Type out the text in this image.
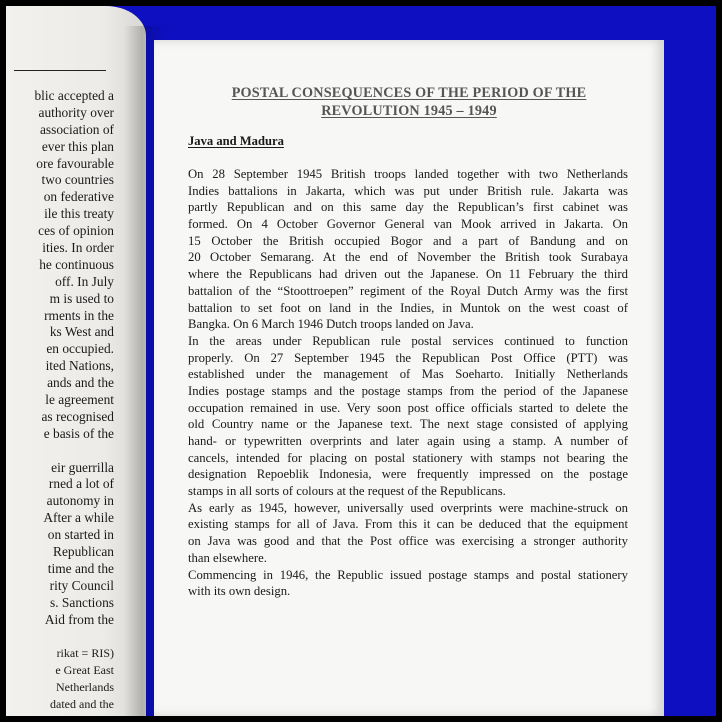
blic accepted a
authority over
association of
ever this plan
ore favourable
two countries
on federative
ile this treaty
ces of opinion
ities. In order
he continuous
off. In July
m is used to
rments in the
ks West and
en occupied.
ited Nations,
ands and the
le agreement
as recognised
e basis of the
eir guerrilla
rned a lot of
autonomy in
After a while
on started in
Republican
time and the
rity Council
s. Sanctions
Aid from the
rikat = RIS)
e Great East
Netherlands
dated and the
POSTAL CONSEQUENCES OF THE PERIOD OF THE
REVOLUTION 1945 – 1949
Java and Madura
On 28 September 1945 British troops landed together with two Netherlands
Indies battalions in Jakarta, which was put under British rule. Jakarta was
partly Republican and on this same day the Republican’s first cabinet was
formed. On 4 October Governor General van Mook arrived in Jakarta. On
15 October the British occupied Bogor and a part of Bandung and on
20 October Semarang. At the end of November the British took Surabaya
where the Republicans had driven out the Japanese. On 11 February the third
battalion of the “Stoottroepen” regiment of the Royal Dutch Army was the first
battalion to set foot on land in the Indies, in Muntok on the west coast of
Bangka. On 6 March 1946 Dutch troops landed on Java.
In the areas under Republican rule postal services continued to function
properly. On 27 September 1945 the Republican Post Office (PTT) was
established under the management of Mas Soeharto. Initially Netherlands
Indies postage stamps and the postage stamps from the period of the Japanese
occupation remained in use. Very soon post office officials started to delete the
old Country name or the Japanese text. The next stage consisted of applying
hand- or typewritten overprints and later again using a stamp. A number of
cancels, intended for placing on postal stationery with stamps not bearing the
designation Repoeblik Indonesia, were frequently impressed on the postage
stamps in all sorts of colours at the request of the Republicans.
As early as 1945, however, universally used overprints were machine-struck on
existing stamps for all of Java. From this it can be deduced that the equipment
on Java was good and that the Post office was exercising a stronger authority
than elsewhere.
Commencing in 1946, the Republic issued postage stamps and postal stationery
with its own design.
